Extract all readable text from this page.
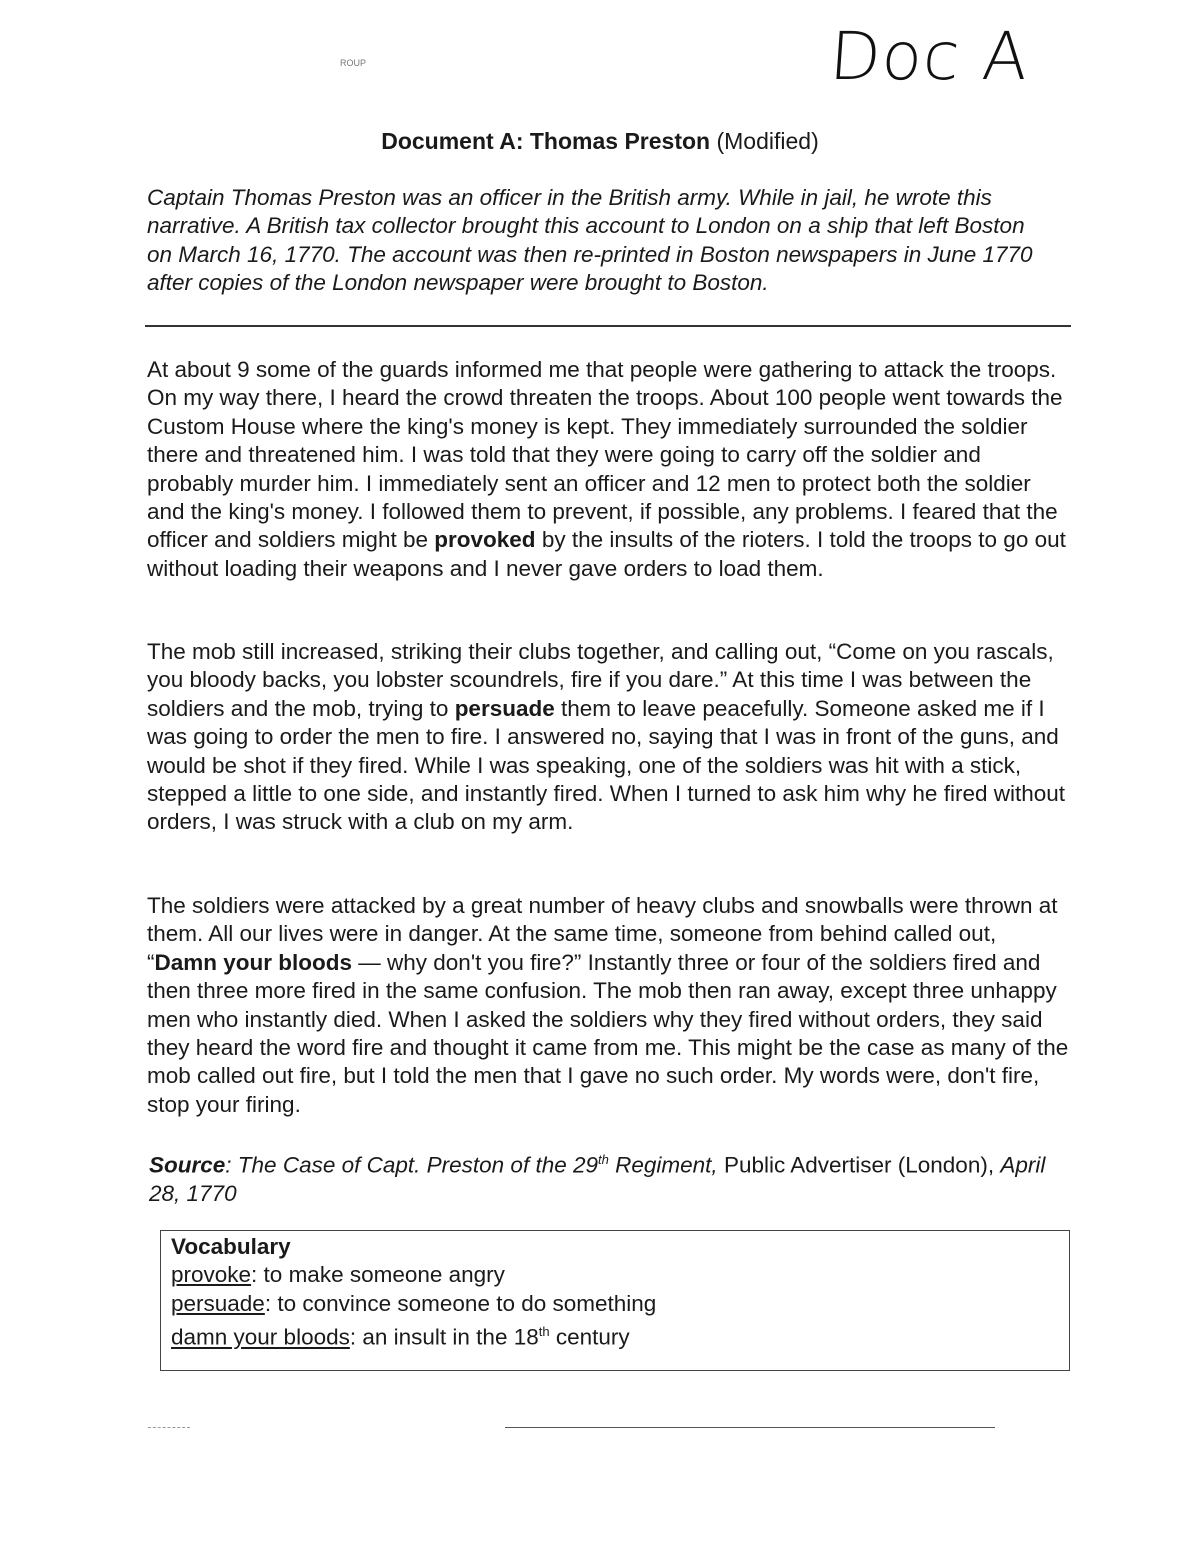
ROUP	Doc A
Document A: Thomas Preston (Modified)

Captain Thomas Preston was an officer in the British army. While in jail, he wrote this narrative. A British tax collector brought this account to London on a ship that left Boston on March 16, 1770. The account was then re-printed in Boston newspapers in June 1770 after copies of the London newspaper were brought to Boston.

At about 9 some of the guards informed me that people were gathering to attack the troops. On my way there, I heard the crowd threaten the troops. About 100 people went towards the Custom House where the king's money is kept. They immediately surrounded the soldier there and threatened him. I was told that they were going to carry off the soldier and probably murder him. I immediately sent an officer and 12 men to protect both the soldier and the king's money. I followed them to prevent, if possible, any problems. I feared that the officer and soldiers might be provoked by the insults of the rioters. I told the troops to go out without loading their weapons and I never gave orders to load them.

The mob still increased, striking their clubs together, and calling out, “Come on you rascals, you bloody backs, you lobster scoundrels, fire if you dare.” At this time I was between the soldiers and the mob, trying to persuade them to leave peacefully. Someone asked me if I was going to order the men to fire. I answered no, saying that I was in front of the guns, and would be shot if they fired. While I was speaking, one of the soldiers was hit with a stick, stepped a little to one side, and instantly fired. When I turned to ask him why he fired without orders, I was struck with a club on my arm.

The soldiers were attacked by a great number of heavy clubs and snowballs were thrown at them. All our lives were in danger. At the same time, someone from behind called out, “Damn your bloods — why don't you fire?” Instantly three or four of the soldiers fired and then three more fired in the same confusion. The mob then ran away, except three unhappy men who instantly died. When I asked the soldiers why they fired without orders, they said they heard the word fire and thought it came from me. This might be the case as many of the mob called out fire, but I told the men that I gave no such order. My words were, don't fire, stop your firing.

Source: The Case of Capt. Preston of the 29th Regiment, Public Advertiser (London), April 28, 1770

Vocabulary
provoke: to make someone angry
persuade: to convince someone to do something
damn your bloods: an insult in the 18th century
